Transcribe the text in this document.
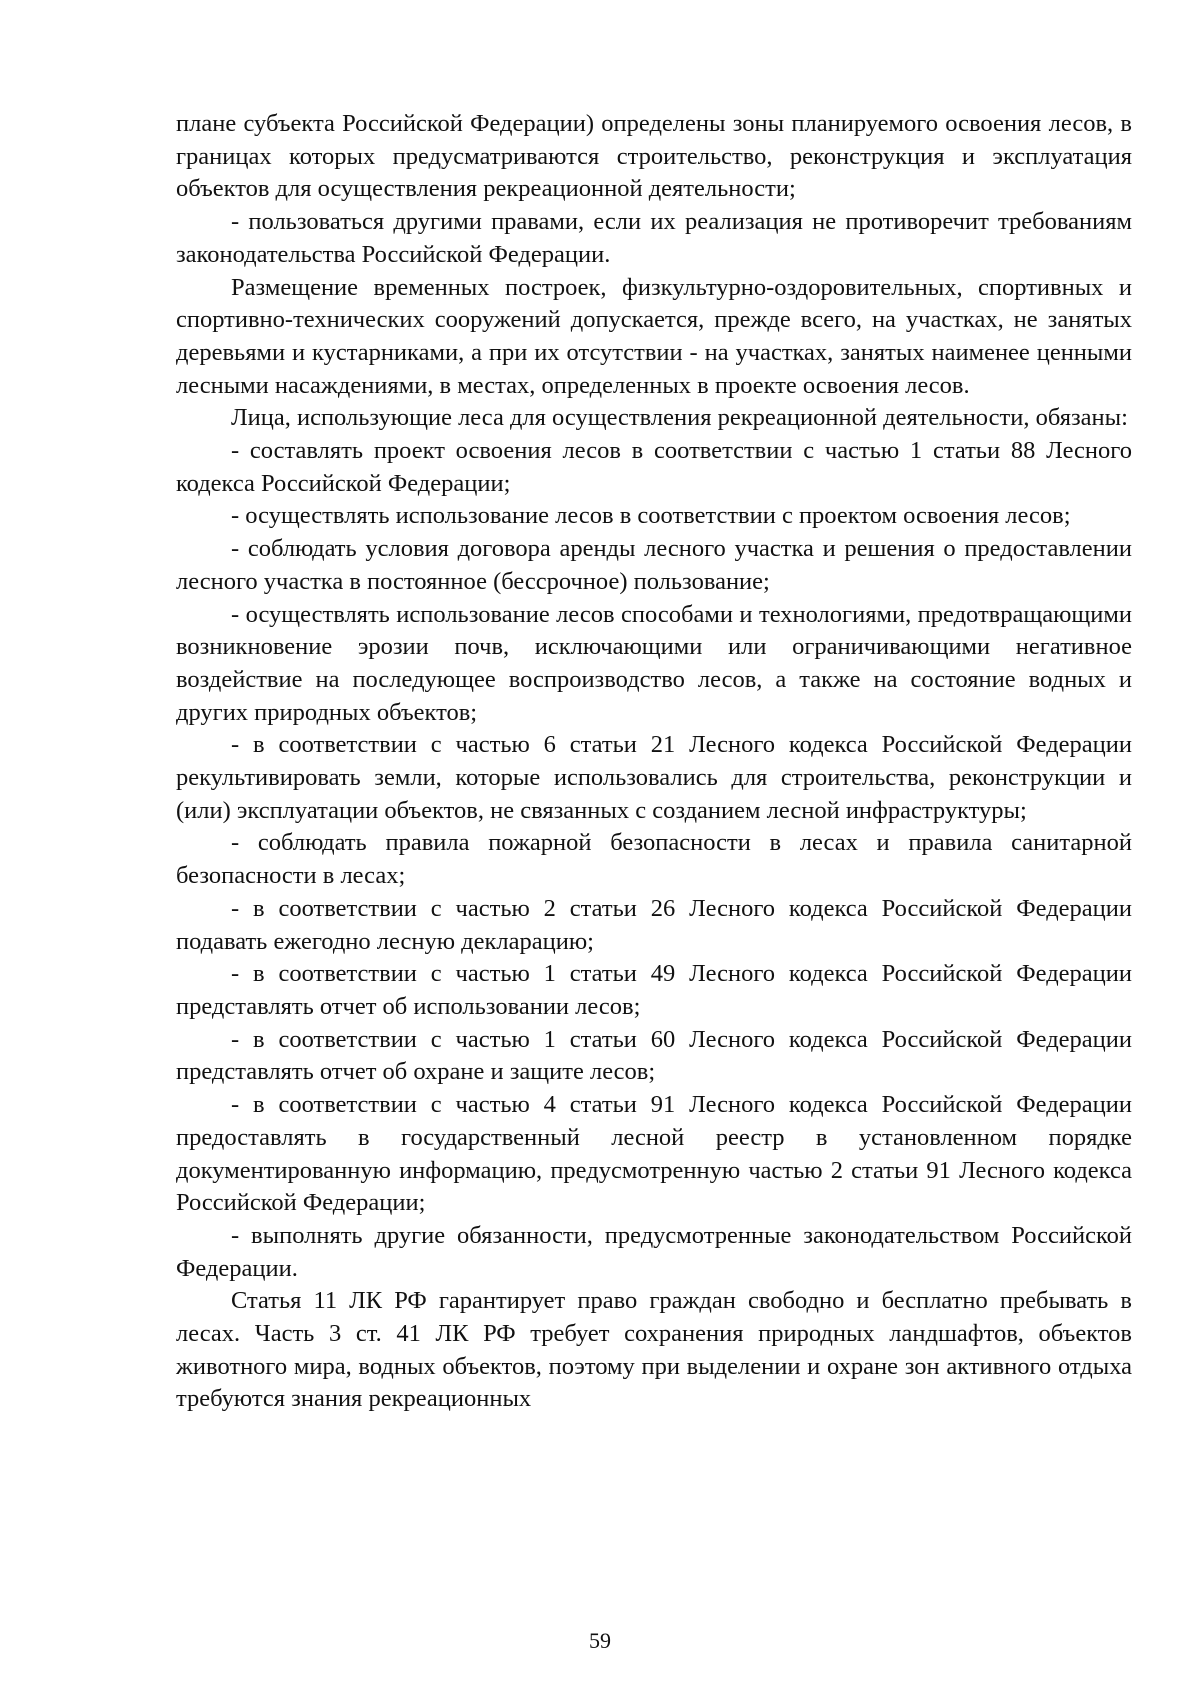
плане субъекта Российской Федерации) определены зоны планируемого освоения лесов, в границах которых предусматриваются строительство, реконструкция и эксплуатация объектов для осуществления рекреационной деятельности;

- пользоваться другими правами, если их реализация не противоречит требованиям законодательства Российской Федерации.

Размещение временных построек, физкультурно-оздоровительных, спортивных и спортивно-технических сооружений допускается, прежде всего, на участках, не занятых деревьями и кустарниками, а при их отсутствии - на участках, занятых наименее ценными лесными насаждениями, в местах, определенных в проекте освоения лесов.

Лица, использующие леса для осуществления рекреационной деятельности, обязаны:

- составлять проект освоения лесов в соответствии с частью 1 статьи 88 Лесного кодекса Российской Федерации;

- осуществлять использование лесов в соответствии с проектом освоения лесов;

- соблюдать условия договора аренды лесного участка и решения о предоставлении лесного участка в постоянное (бессрочное) пользование;

- осуществлять использование лесов способами и технологиями, предотвращающими возникновение эрозии почв, исключающими или ограничивающими негативное воздействие на последующее воспроизводство лесов, а также на состояние водных и других природных объектов;

- в соответствии с частью 6 статьи 21 Лесного кодекса Российской Федерации рекультивировать земли, которые использовались для строительства, реконструкции и (или) эксплуатации объектов, не связанных с созданием лесной инфраструктуры;

- соблюдать правила пожарной безопасности в лесах и правила санитарной безопасности в лесах;

- в соответствии с частью 2 статьи 26 Лесного кодекса Российской Федерации подавать ежегодно лесную декларацию;

- в соответствии с частью 1 статьи 49 Лесного кодекса Российской Федерации представлять отчет об использовании лесов;

- в соответствии с частью 1 статьи 60 Лесного кодекса Российской Федерации представлять отчет об охране и защите лесов;

- в соответствии с частью 4 статьи 91 Лесного кодекса Российской Федерации предоставлять в государственный лесной реестр в установленном порядке документированную информацию, предусмотренную частью 2 статьи 91 Лесного кодекса Российской Федерации;

- выполнять другие обязанности, предусмотренные законодательством Российской Федерации.

Статья 11 ЛК РФ гарантирует право граждан свободно и бесплатно пребывать в лесах. Часть 3 ст. 41 ЛК РФ требует сохранения природных ландшафтов, объектов животного мира, водных объектов, поэтому при выделении и охране зон активного отдыха требуются знания рекреационных

59
